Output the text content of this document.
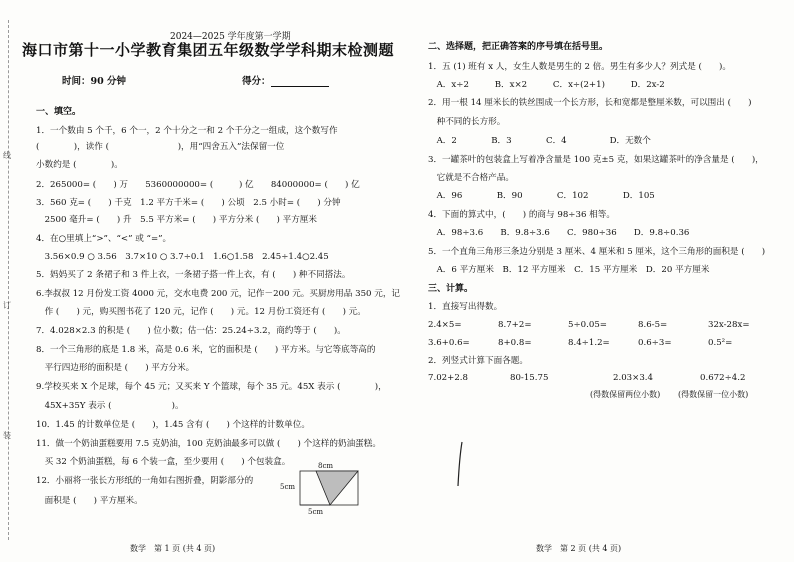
线
订
装
2024—2025 学年度第一学期
海口市第十一小学教育集团五年级数学学科期末检测题
时间：90 分钟	得分：
一、填空。
1．一个数由 5 个千，6 个一，2 个十分之一和 2 个千分之一组成，这个数写作
(　　　　)，读作 (　　　　　　　　)，用“四舍五入”法保留一位
小数约是 (　　　　)。
2．265000= (　　) 万　　5360000000= (　　　) 亿　　84000000= (　　) 亿
3．560 克= (　　) 千克　1.2 平方千米= (　　) 公顷　2.5 小时= (　　) 分钟
　2500 毫升= (　　) 升　5.5 平方米= (　　) 平方分米 (　　) 平方厘米
4．在○里填上“>”、“<” 或 “=”。
　3.56×0.9 ○ 3.56　3.7×10 ○ 3.7÷0.1　1.6○1.58　2.45÷1.4○2.45
5．妈妈买了 2 条裙子和 3 件上衣，一条裙子搭一件上衣，有 (　　) 种不同搭法。
6.李叔叔 12 月份发工资 4000 元，交水电费 200 元，记作－200 元。买厨房用品 350 元，记
　作 (　　) 元，购买图书花了 120 元，记作 (　　) 元。12 月份工资还有 (　　) 元。
7．4.028×2.3 的积是 (　　) 位小数；估一估：25.24÷3.2，商约等于 (　　)。
8．一个三角形的底是 1.8 米，高是 0.6 米，它的面积是 (　　) 平方米。与它等底等高的
　平行四边形的面积是 (　　) 平方分米。
9.学校买来 X 个足球，每个 45 元；又买来 Y 个篮球，每个 35 元。45X 表示 (　　　　)，
　45X+35Y 表示 (　　　　　　　)。
10．1.45 的计数单位是 (　　)，1.45 含有 (　　) 个这样的计数单位。
11．做一个奶油蛋糕要用 7.5 克奶油，100 克奶油最多可以做 (　　) 个这样的奶油蛋糕。
　买 32 个奶油蛋糕，每 6 个装一盒，至少要用 (　　) 个包装盒。
12．小丽将一张长方形纸的一角如右图折叠，阴影部分的
　面积是 (　　) 平方厘米。
8cm
5cm
5cm
数学　第 1 页 (共 4 页)
二、选择题，把正确答案的序号填在括号里。
1．五 (1) 班有 x 人，女生人数是男生的 2 倍。男生有多少人？列式是 (　　)。
　A．x÷2　　　B．x×2　　　C．x÷(2+1)　　　D．2x-2
2．用一根 14 厘米长的铁丝围成一个长方形，长和宽都是整厘米数，可以围出 (　　)
　种不同的长方形。
　A．2　　　　B．3　　　　C．4　　　　　D．无数个
3．一罐茶叶的包装盒上写着净含量是 100 克±5 克，如果这罐茶叶的净含量是 (　　)，
　它就是不合格产品。
　A．96　　　　B．90　　　　C．102　　　　D．105
4．下面的算式中，(　　) 的商与 98÷36 相等。
　A．98÷3.6　　B．9.8÷3.6　　C．980÷36　　D．9.8÷0.36
5．一个直角三角形三条边分别是 3 厘米、4 厘米和 5 厘米，这个三角形的面积是 (　　)
　A．6 平方厘米　B．12 平方厘米　C．15 平方厘米　D．20 平方厘米
三、计算。
1．直接写出得数。
2.4×5=	8.7+2=	5÷0.05=	8.6-5=	32x-28x=
3.6+0.6=	8+0.8=	8.4÷1.2=	0.6÷3=	0.5²=
2．列竖式计算下面各题。
7.02+2.8	80-15.75	2.03×3.4	0.672÷4.2
(得数保留两位小数) (得数保留一位小数)
数学　第 2 页 (共 4 页)
